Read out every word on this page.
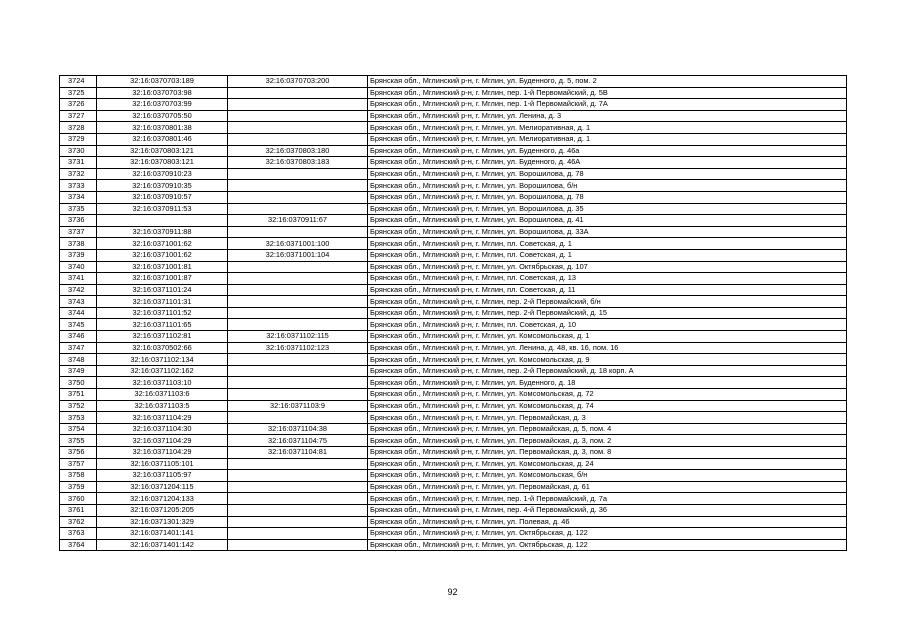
3724	32:16:0370703:189	32:16:0370703:200	Брянская обл., Мглинский р-н, г. Мглин, ул. Буденного, д. 5, пом. 2
3725	32:16:0370703:98		Брянская обл., Мглинский р-н, г. Мглин, пер. 1-й Первомайский, д. 5В
3726	32:16:0370703:99		Брянская обл., Мглинский р-н, г. Мглин, пер. 1-й Первомайский, д. 7А
3727	32:16:0370705:50		Брянская обл., Мглинский р-н, г. Мглин, ул. Ленина, д. 3
3728	32:16:0370801:38		Брянская обл., Мглинский р-н, г. Мглин, ул. Мелиоративная, д. 1
3729	32:16:0370801:46		Брянская обл., Мглинский р-н, г. Мглин, ул. Мелиоративная, д. 1
3730	32:16:0370803:121	32:16:0370803:180	Брянская обл., Мглинский р-н, г. Мглин, ул. Буденного, д. 46а
3731	32:16:0370803:121	32:16:0370803:183	Брянская обл., Мглинский р-н, г. Мглин, ул. Буденного, д. 46А
3732	32:16:0370910:23		Брянская обл., Мглинский р-н, г. Мглин, ул. Ворошилова, д. 78
3733	32:16:0370910:35		Брянская обл., Мглинский р-н, г. Мглин, ул. Ворошилова, б/н
3734	32:16:0370910:57		Брянская обл., Мглинский р-н, г. Мглин, ул. Ворошилова, д. 78
3735	32:16:0370911:53		Брянская обл., Мглинский р-н, г. Мглин, ул. Ворошилова, д. 35
3736		32:16:0370911:67	Брянская обл., Мглинский р-н, г. Мглин, ул. Ворошилова, д. 41
3737	32:16:0370911:88		Брянская обл., Мглинский р-н, г. Мглин, ул. Ворошилова, д. 33А
3738	32:16:0371001:62	32:16:0371001:100	Брянская обл., Мглинский р-н, г. Мглин, пл. Советская, д. 1
3739	32:16:0371001:62	32:16:0371001:104	Брянская обл., Мглинский р-н, г. Мглин, пл. Советская, д. 1
3740	32:16:0371001:81		Брянская обл., Мглинский р-н, г. Мглин, ул. Октябрьская, д. 107
3741	32:16:0371001:87		Брянская обл., Мглинский р-н, г. Мглин, пл. Советская, д. 13
3742	32:16:0371101:24		Брянская обл., Мглинский р-н, г. Мглин, пл. Советская, д. 11
3743	32:16:0371101:31		Брянская обл., Мглинский р-н, г. Мглин, пер. 2-й Первомайский, б/н
3744	32:16:0371101:52		Брянская обл., Мглинский р-н, г. Мглин, пер. 2-й Первомайский, д. 15
3745	32:16:0371101:65		Брянская обл., Мглинский р-н, г. Мглин, пл. Советская, д. 10
3746	32:16:0371102:81	32:16:0371102:115	Брянская обл., Мглинский р-н, г. Мглин, ул. Комсомольская, д. 1
3747	32:16:0370502:66	32:16:0371102:123	Брянская обл., Мглинский р-н, г. Мглин, ул. Ленина, д. 48, кв. 16, пом. 16
3748	32:16:0371102:134		Брянская обл., Мглинский р-н, г. Мглин, ул. Комсомольская, д. 9
3749	32:16:0371102:162		Брянская обл., Мглинский р-н, г. Мглин, пер. 2-й Первомайский, д. 18 корп. А
3750	32:16:0371103:10		Брянская обл., Мглинский р-н, г. Мглин, ул. Буденного, д. 18
3751	32:16:0371103:6		Брянская обл., Мглинский р-н, г. Мглин, ул. Комсомольская, д. 72
3752	32:16:0371103:5	32:16:0371103:9	Брянская обл., Мглинский р-н, г. Мглин, ул. Комсомольская, д. 74
3753	32:16:0371104:29		Брянская обл., Мглинский р-н, г. Мглин, ул. Первомайская, д. 3
3754	32:16:0371104:30	32:16:0371104:38	Брянская обл., Мглинский р-н, г. Мглин, ул. Первомайская, д. 5, пом. 4
3755	32:16:0371104:29	32:16:0371104:75	Брянская обл., Мглинский р-н, г. Мглин, ул. Первомайская, д. 3, пом. 2
3756	32:16:0371104:29	32:16:0371104:81	Брянская обл., Мглинский р-н, г. Мглин, ул. Первомайская, д. 3, пом. 8
3757	32:16:0371105:101		Брянская обл., Мглинский р-н, г. Мглин, ул. Комсомольская, д. 24
3758	32:16:0371105:97		Брянская обл., Мглинский р-н, г. Мглин, ул. Комсомольская, б/н
3759	32:16:0371204:115		Брянская обл., Мглинский р-н, г. Мглин, ул. Первомайская, д. 61
3760	32:16:0371204:133		Брянская обл., Мглинский р-н, г. Мглин, пер. 1-й Первомайский, д. 7а
3761	32:16:0371205:205		Брянская обл., Мглинский р-н, г. Мглин, пер. 4-й Первомайский, д. 36
3762	32:16:0371301:329		Брянская обл., Мглинский р-н, г. Мглин, ул. Полевая, д. 46
3763	32:16:0371401:141		Брянская обл., Мглинский р-н, г. Мглин, ул. Октябрьская, д. 122
3764	32:16:0371401:142		Брянская обл., Мглинский р-н, г. Мглин, ул. Октябрьская, д. 122
92
